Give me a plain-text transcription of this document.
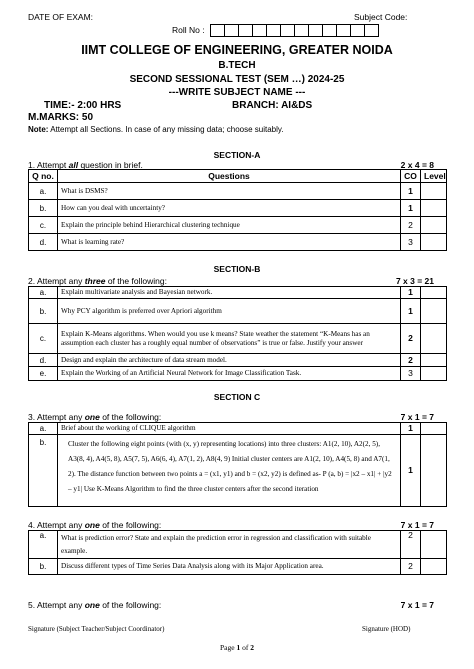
DATE OF EXAM:	Subject Code:
Roll No :
IIMT COLLEGE OF ENGINEERING, GREATER NOIDA
B.TECH
SECOND SESSIONAL TEST (SEM …) 2024-25
---WRITE SUBJECT NAME ---
TIME:- 2:00 HRS	BRANCH: AI&DS
M.MARKS: 50
Note: Attempt all Sections. In case of any missing data; choose suitably.
SECTION-A
1. Attempt all question in brief.	2 x 4 = 8
Q no.	Questions	CO	Level
a.	What is DSMS?	1	
b.	How can you deal with uncertainty?	1	
c.	Explain the principle behind Hierarchical clustering technique	2	
d.	What is learning rate?	3	
SECTION-B
2. Attempt any three of the following:	7 x 3 = 21
a.	Explain multivariate analysis and Bayesian network.	1	
b.	Why PCY algorithm is preferred over Apriori algorithm	1	
c.	Explain K-Means algorithms. When would you use k means? State weather the statement “K-Means has an assumption each cluster has a roughly equal number of observations” is true or false. Justify your answer	2	
d.	Design and explain the architecture of data stream model.	2	
e.	Explain the Working of an Artificial Neural Network for Image Classification Task.	3	
SECTION C
3. Attempt any one of the following:	7 x 1 = 7
a.	Brief about the working of CLIQUE algorithm	1	
b.	Cluster the following eight points (with (x, y) representing locations) into three clusters: A1(2, 10), A2(2, 5), A3(8, 4), A4(5, 8), A5(7, 5), A6(6, 4), A7(1, 2), A8(4, 9) Initial cluster centers are A1(2, 10), A4(5, 8) and A7(1, 2). The distance function between two points a = (x1, y1) and b = (x2, y2) is defined as- P (a, b) = |x2 – x1| + |y2 – y1| Use K-Means Algorithm to find the three cluster centers after the second iteration	1	
4. Attempt any one of the following:	7 x 1 = 7
a.	What is prediction error? State and explain the prediction error in regression and classification with suitable example.	2	
b.	Discuss different types of Time Series Data Analysis along with its Major Application area.	2	
5. Attempt any one of the following:	7 x 1 = 7
Signature (Subject Teacher/Subject Coordinator)	Signature (HOD)
Page 1 of 2
